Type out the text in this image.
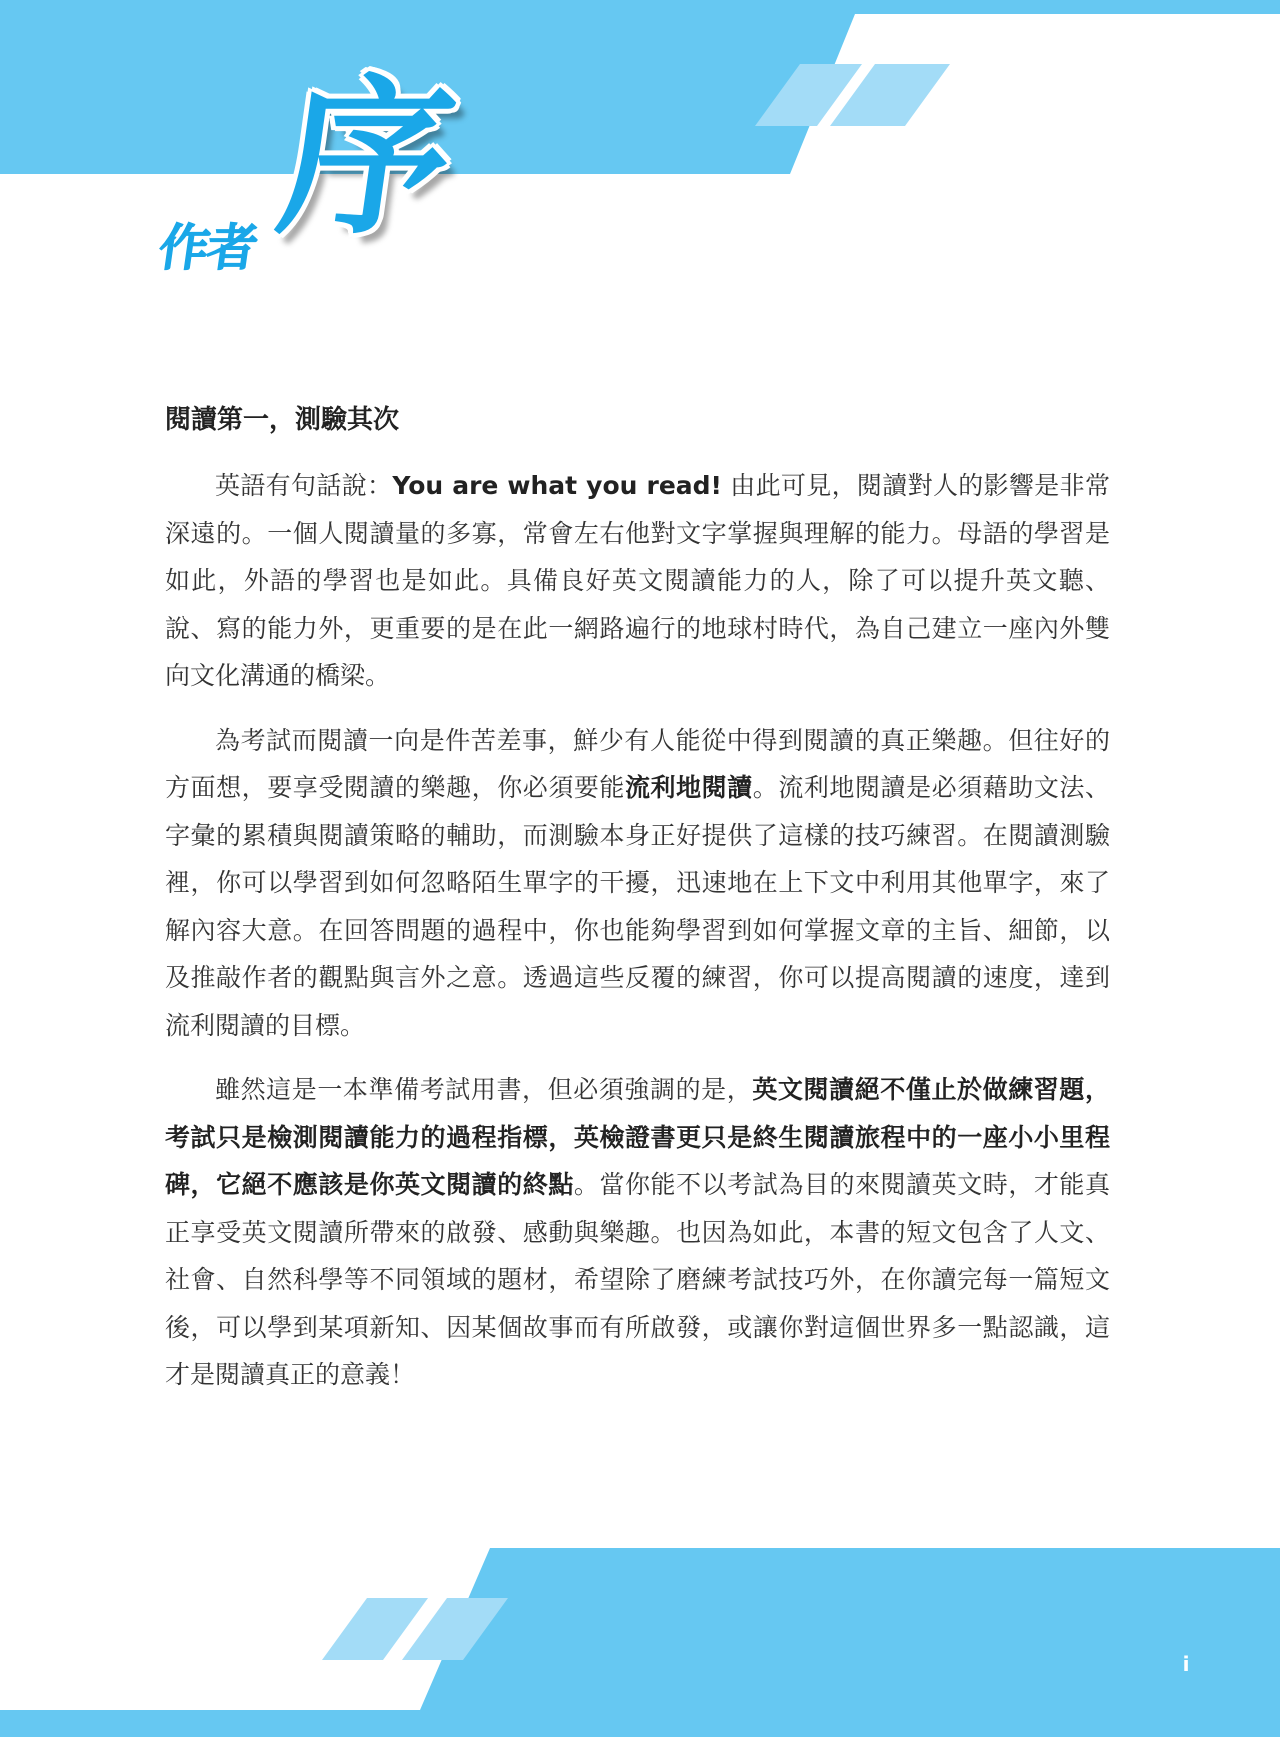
作者 序
閱讀第一，測驗其次

英語有句話說：You are what you read! 由此可見，閱讀對人的影響是非常深遠的。一個人閱讀量的多寡，常會左右他對文字掌握與理解的能力。母語的學習是如此，外語的學習也是如此。具備良好英文閱讀能力的人，除了可以提升英文聽、說、寫的能力外，更重要的是在此一網路遍行的地球村時代，為自己建立一座內外雙向文化溝通的橋梁。

為考試而閱讀一向是件苦差事，鮮少有人能從中得到閱讀的真正樂趣。但往好的方面想，要享受閱讀的樂趣，你必須要能流利地閱讀。流利地閱讀是必須藉助文法、字彙的累積與閱讀策略的輔助，而測驗本身正好提供了這樣的技巧練習。在閱讀測驗裡，你可以學習到如何忽略陌生單字的干擾，迅速地在上下文中利用其他單字，來了解內容大意。在回答問題的過程中，你也能夠學習到如何掌握文章的主旨、細節，以及推敲作者的觀點與言外之意。透過這些反覆的練習，你可以提高閱讀的速度，達到流利閱讀的目標。

雖然這是一本準備考試用書，但必須強調的是，英文閱讀絕不僅止於做練習題，考試只是檢測閱讀能力的過程指標，英檢證書更只是終生閱讀旅程中的一座小小里程碑，它絕不應該是你英文閱讀的終點。當你能不以考試為目的來閱讀英文時，才能真正享受英文閱讀所帶來的啟發、感動與樂趣。也因為如此，本書的短文包含了人文、社會、自然科學等不同領域的題材，希望除了磨練考試技巧外，在你讀完每一篇短文後，可以學到某項新知、因某個故事而有所啟發，或讓你對這個世界多一點認識，這才是閱讀真正的意義！

i
